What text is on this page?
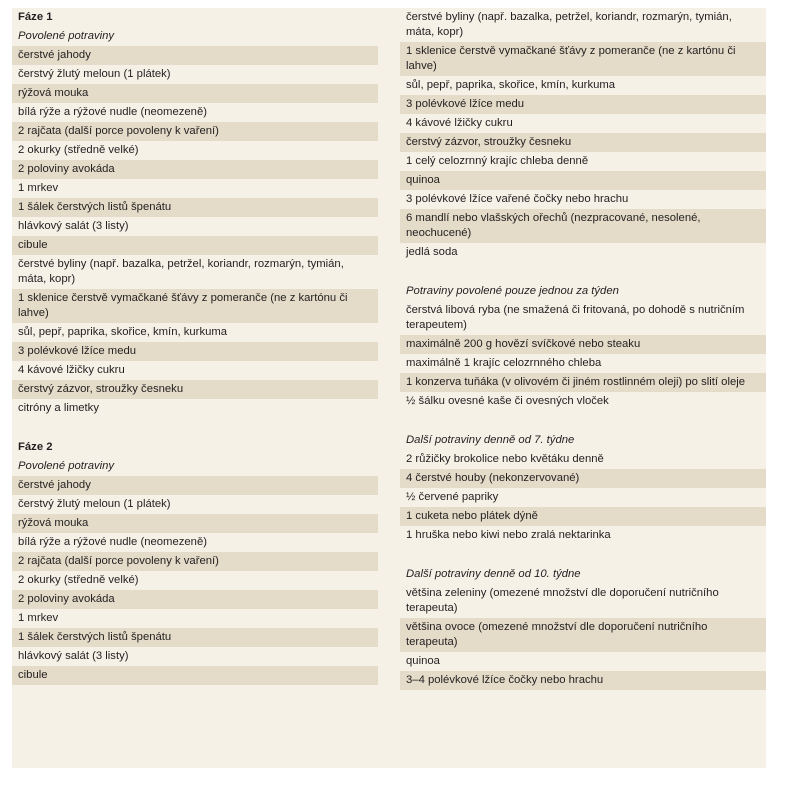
Fáze 1
Povolené potraviny
čerstvé jahody
čerstvý žlutý meloun (1 plátek)
rýžová mouka
bílá rýže a rýžové nudle (neomezeně)
2 rajčata (další porce povoleny k vaření)
2 okurky (středně velké)
2 poloviny avokáda
1 mrkev
1 šálek čerstvých listů špenátu
hlávkový salát (3 listy)
cibule
čerstvé byliny (např. bazalka, petržel, koriandr, rozmarýn, tymián, máta, kopr)
1 sklenice čerstvě vymačkané šťávy z pomeranče (ne z kartónu či lahve)
sůl, pepř, paprika, skořice, kmín, kurkuma
3 polévkové lžíce medu
4 kávové lžičky cukru
čerstvý zázvor, stroužky česneku
citróny a limetky
Fáze 2
Povolené potraviny
čerstvé jahody
čerstvý žlutý meloun (1 plátek)
rýžová mouka
bílá rýže a rýžové nudle (neomezeně)
2 rajčata (další porce povoleny k vaření)
2 okurky (středně velké)
2 poloviny avokáda
1 mrkev
1 šálek čerstvých listů špenátu
hlávkový salát (3 listy)
cibule
čerstvé byliny (např. bazalka, petržel, koriandr, rozmarýn, tymián, máta, kopr)
1 sklenice čerstvě vymačkané šťávy z pomeranče (ne z kartónu či lahve)
sůl, pepř, paprika, skořice, kmín, kurkuma
3 polévkové lžíce medu
4 kávové lžičky cukru
čerstvý zázvor, stroužky česneku
1 celý celozrnný krajíc chleba denně
quinoa
3 polévkové lžíce vařené čočky nebo hrachu
6 mandlí nebo vlašských ořechů (nezpracované, nesolené, neochucené)
jedlá soda
Potraviny povolené pouze jednou za týden
čerstvá libová ryba (ne smažená či fritovaná, po dohodě s nutričním terapeutem)
maximálně 200 g hovězí svíčkové nebo steaku
maximálně 1 krajíc celozrnného chleba
1 konzerva tuňáka (v olivovém či jiném rostlinném oleji) po slití oleje
½ šálku ovesné kaše či ovesných vloček
Další potraviny denně od 7. týdne
2 růžičky brokolice nebo květáku denně
4 čerstvé houby (nekonzervované)
½ červené papriky
1 cuketa nebo plátek dýně
1 hruška nebo kiwi nebo zralá nektarinka
Další potraviny denně od 10. týdne
většina zeleniny (omezené množství dle doporučení nutričního terapeuta)
většina ovoce (omezené množství dle doporučení nutričního terapeuta)
quinoa
3–4 polévkové lžíce čočky nebo hrachu
